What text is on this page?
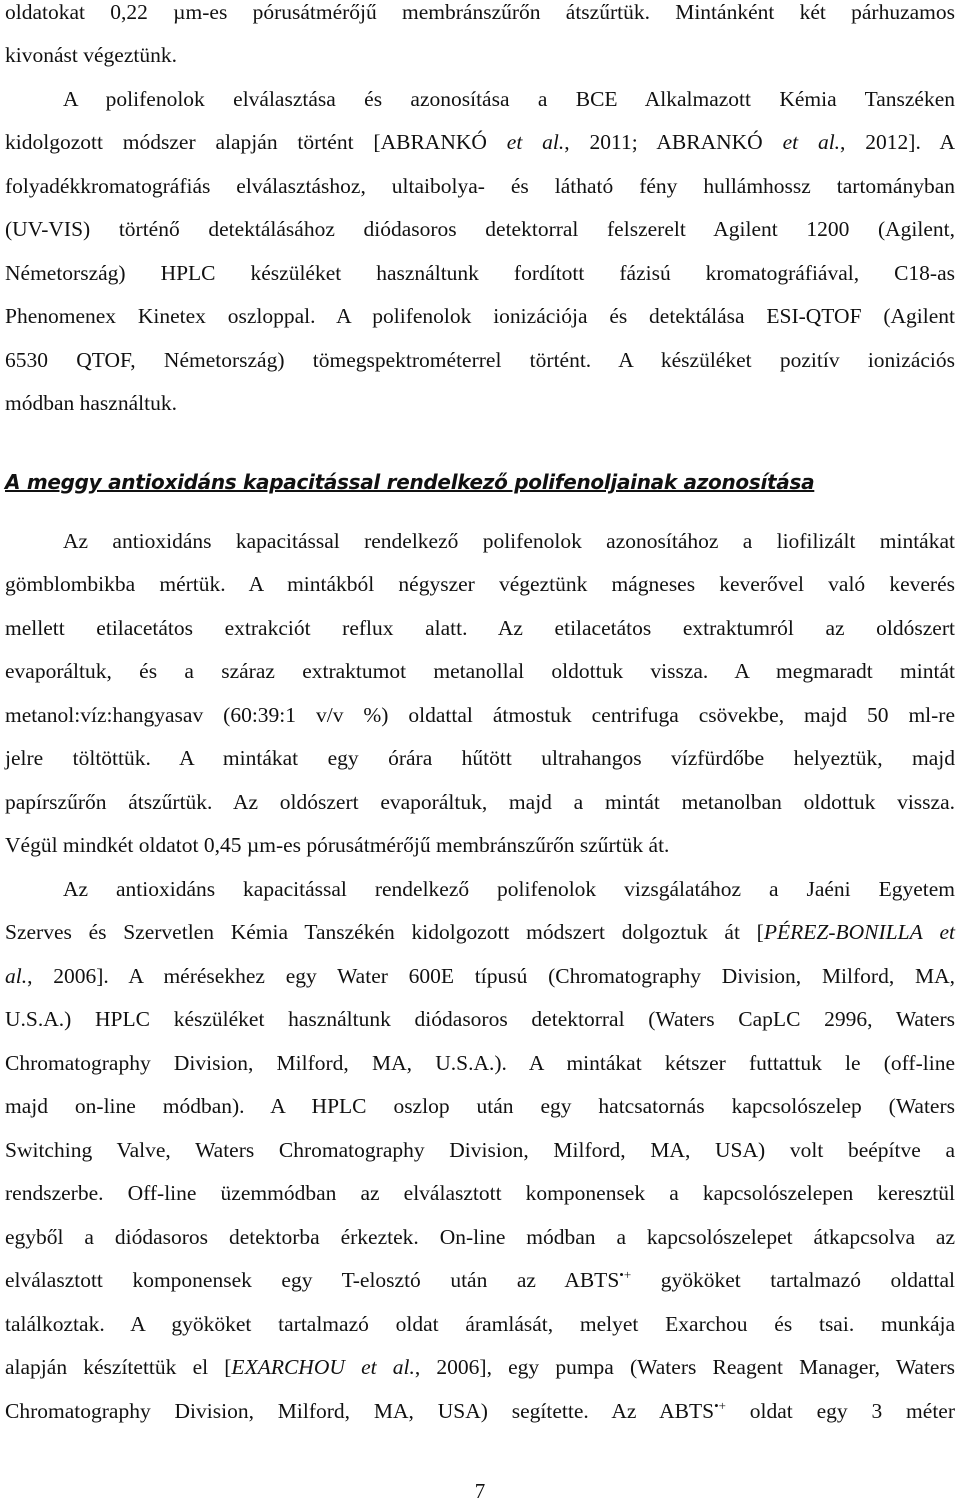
oldatokat 0,22 µm-es pórusátmérőjű membránszűrőn átszűrtük. Mintánként két párhuzamos
kivonást végeztünk.
A polifenolok elválasztása és azonosítása a BCE Alkalmazott Kémia Tanszéken
kidolgozott módszer alapján történt [ABRANKÓ et al., 2011; ABRANKÓ et al., 2012]. A
folyadékkromatográfiás elválasztáshoz, ultaibolya- és látható fény hullámhossz tartományban
(UV-VIS) történő detektálásához diódasoros detektorral felszerelt Agilent 1200 (Agilent,
Németország) HPLC készüléket használtunk fordított fázisú kromatográfiával, C18-as
Phenomenex Kinetex oszloppal. A polifenolok ionizációja és detektálása ESI-QTOF (Agilent
6530 QTOF, Németország) tömegspektrométerrel történt. A készüléket pozitív ionizációs
módban használtuk.
A meggy antioxidáns kapacitással rendelkező polifenoljainak azonosítása
Az antioxidáns kapacitással rendelkező polifenolok azonosítához a liofilizált mintákat
gömblombikba mértük. A mintákból négyszer végeztünk mágneses keverővel való keverés
mellett etilacetátos extrakciót reflux alatt. Az etilacetátos extraktumról az oldószert
evaporáltuk, és a száraz extraktumot metanollal oldottuk vissza. A megmaradt mintát
metanol:víz:hangyasav (60:39:1 v/v %) oldattal átmostuk centrifuga csövekbe, majd 50 ml-re
jelre töltöttük. A mintákat egy órára hűtött ultrahangos vízfürdőbe helyeztük, majd
papírszűrőn átszűrtük. Az oldószert evaporáltuk, majd a mintát metanolban oldottuk vissza.
Végül mindkét oldatot 0,45 µm-es pórusátmérőjű membránszűrőn szűrtük át.
Az antioxidáns kapacitással rendelkező polifenolok vizsgálatához a Jaéni Egyetem
Szerves és Szervetlen Kémia Tanszékén kidolgozott módszert dolgoztuk át [PÉREZ-BONILLA et
al., 2006]. A mérésekhez egy Water 600E típusú (Chromatography Division, Milford, MA,
U.S.A.) HPLC készüléket használtunk diódasoros detektorral (Waters CapLC 2996, Waters
Chromatography Division, Milford, MA, U.S.A.). A mintákat kétszer futtattuk le (off-line
majd on-line módban). A HPLC oszlop után egy hatcsatornás kapcsolószelep (Waters
Switching Valve, Waters Chromatography Division, Milford, MA, USA) volt beépítve a
rendszerbe. Off-line üzemmódban az elválasztott komponensek a kapcsolószelepen keresztül
egyből a diódasoros detektorba érkeztek. On-line módban a kapcsolószelepet átkapcsolva az
elválasztott komponensek egy T-elosztó után az ABTS•+ gyököket tartalmazó oldattal
találkoztak. A gyököket tartalmazó oldat áramlását, melyet Exarchou és tsai. munkája
alapján készítettük el [EXARCHOU et al., 2006], egy pumpa (Waters Reagent Manager, Waters
Chromatography Division, Milford, MA, USA) segítette. Az ABTS•+ oldat egy 3 méter
7
